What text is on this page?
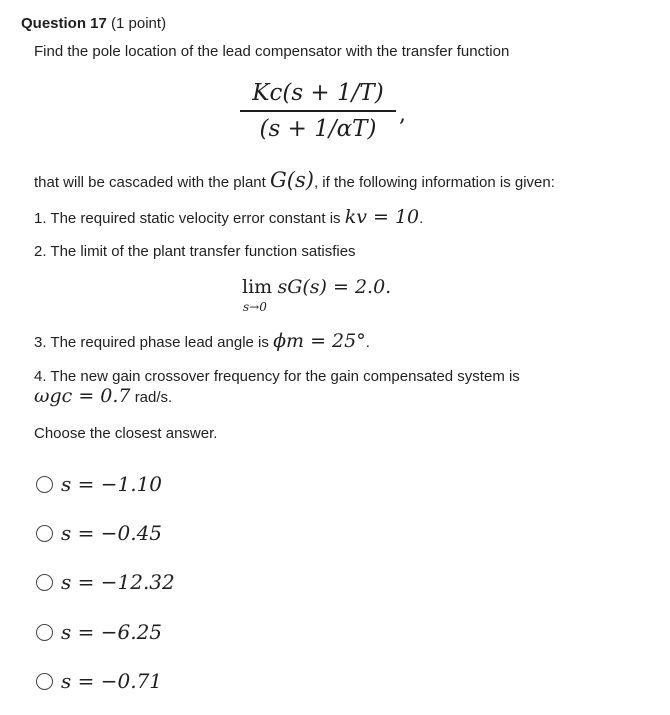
Question 17 (1 point)
Find the pole location of the lead compensator with the transfer function
Kc(s + 1/T)
(s + 1/αT)
,
that will be cascaded with the plant G(s), if the following information is given:
1. The required static velocity error constant is kv = 10.
2. The limit of the plant transfer function satisfies
lim sG(s) = 2.0.
s→0
3. The required phase lead angle is ϕm = 25°.
4. The new gain crossover frequency for the gain compensated system is
ωgc = 0.7 rad/s.
Choose the closest answer.
s = −1.10
s = −0.45
s = −12.32
s = −6.25
s = −0.71
